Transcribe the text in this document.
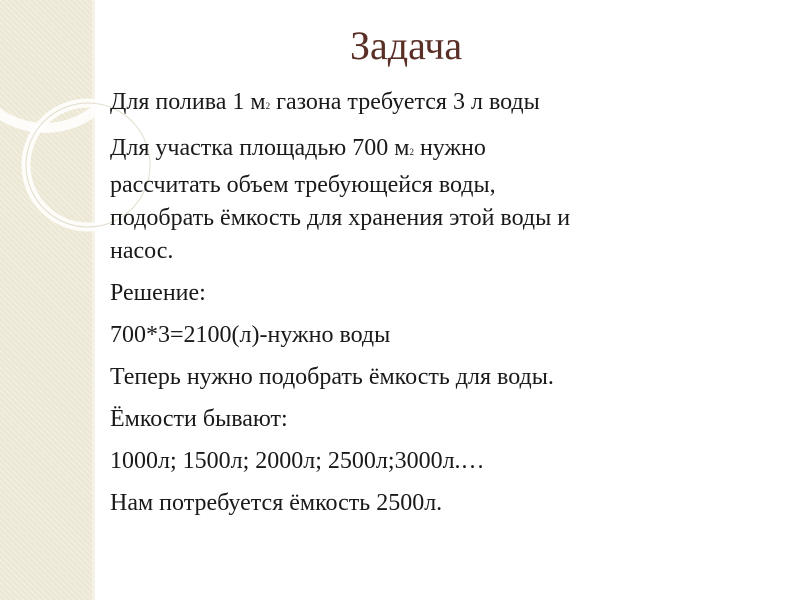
Задача

Для полива 1 м2 газона требуется 3 л воды

Для участка площадью 700 м2 нужно
рассчитать объем требующейся воды,
подобрать ёмкость для хранения этой воды и
насос.

Решение:

700*3=2100(л)-нужно воды

Теперь нужно подобрать ёмкость для воды.

Ёмкости бывают:

1000л; 1500л; 2000л; 2500л;3000л.…

Нам потребуется ёмкость 2500л.
